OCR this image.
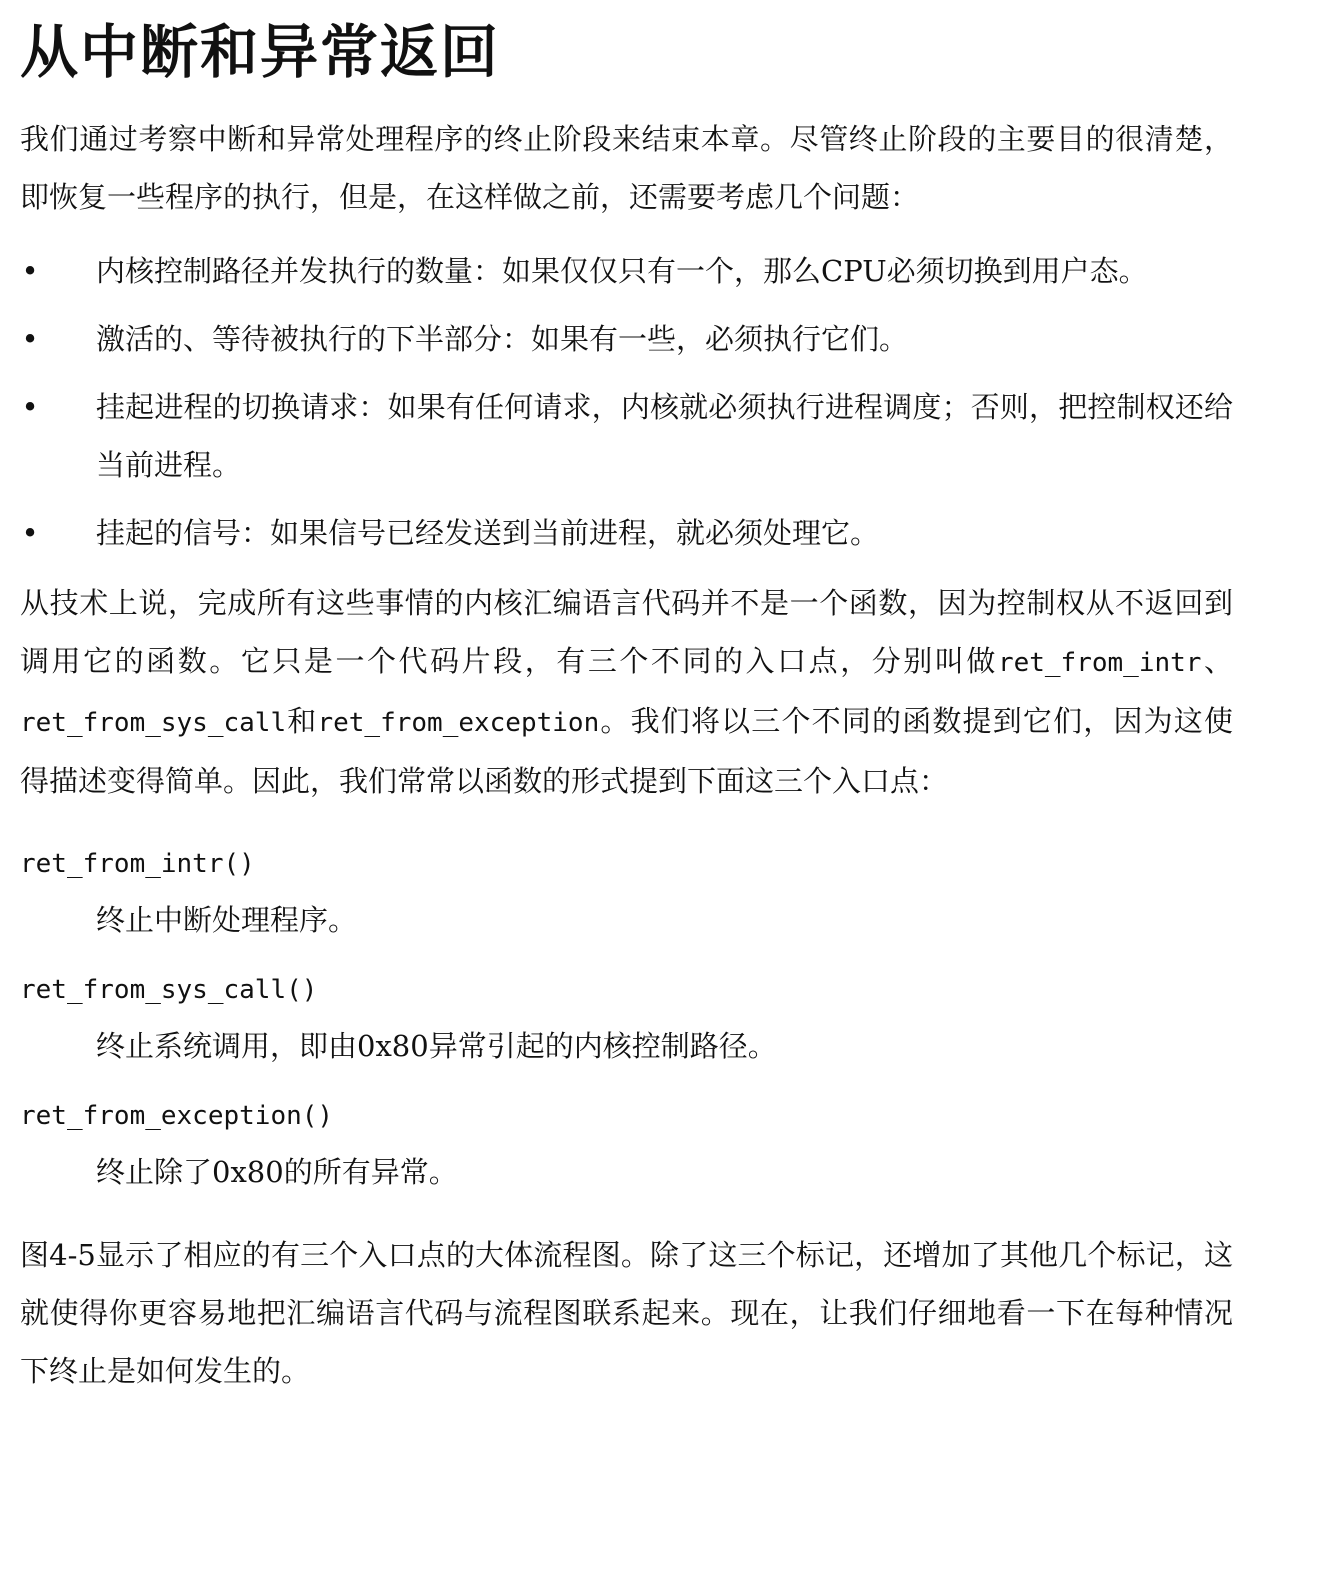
从中断和异常返回

我们通过考察中断和异常处理程序的终止阶段来结束本章。尽管终止阶段的主要目的很清楚，即恢复一些程序的执行，但是，在这样做之前，还需要考虑几个问题：

• 内核控制路径并发执行的数量：如果仅仅只有一个，那么CPU必须切换到用户态。
• 激活的、等待被执行的下半部分：如果有一些，必须执行它们。
• 挂起进程的切换请求：如果有任何请求，内核就必须执行进程调度；否则，把控制权还给当前进程。
• 挂起的信号：如果信号已经发送到当前进程，就必须处理它。

从技术上说，完成所有这些事情的内核汇编语言代码并不是一个函数，因为控制权从不返回到调用它的函数。它只是一个代码片段，有三个不同的入口点，分别叫做ret_from_intr、ret_from_sys_call和ret_from_exception。我们将以三个不同的函数提到它们，因为这使得描述变得简单。因此，我们常常以函数的形式提到下面这三个入口点：

ret_from_intr()
终止中断处理程序。
ret_from_sys_call()
终止系统调用，即由0x80异常引起的内核控制路径。
ret_from_exception()
终止除了0x80的所有异常。

图4-5显示了相应的有三个入口点的大体流程图。除了这三个标记，还增加了其他几个标记，这就使得你更容易地把汇编语言代码与流程图联系起来。现在，让我们仔细地看一下在每种情况下终止是如何发生的。
